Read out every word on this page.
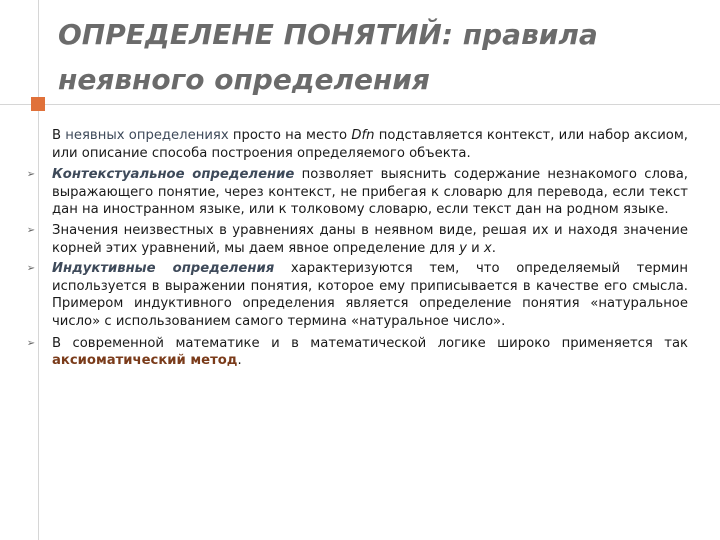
ОПРЕДЕЛЕНЕ ПОНЯТИЙ: правила неявного определения

В неявных определениях просто на место Dfn подставляется контекст, или набор аксиом, или описание способа построения определяемого объекта.

➢ Контекстуальное определение позволяет выяснить содержание незнакомого слова, выражающего понятие, через контекст, не прибегая к словарю для перевода, если текст дан на иностранном языке, или к толковому словарю, если текст дан на родном языке.

➢ Значения неизвестных в уравнениях даны в неявном виде, решая их и находя значение корней этих уравнений, мы даем явное определение для у и х.

➢ Индуктивные определения характеризуются тем, что определяемый термин используется в выражении понятия, которое ему приписывается в качестве его смысла. Примером индуктивного определения является определение понятия «натуральное число» с использованием самого термина «натуральное число».

➢ В современной математике и в математической логике широко применяется так аксиоматический метод.
